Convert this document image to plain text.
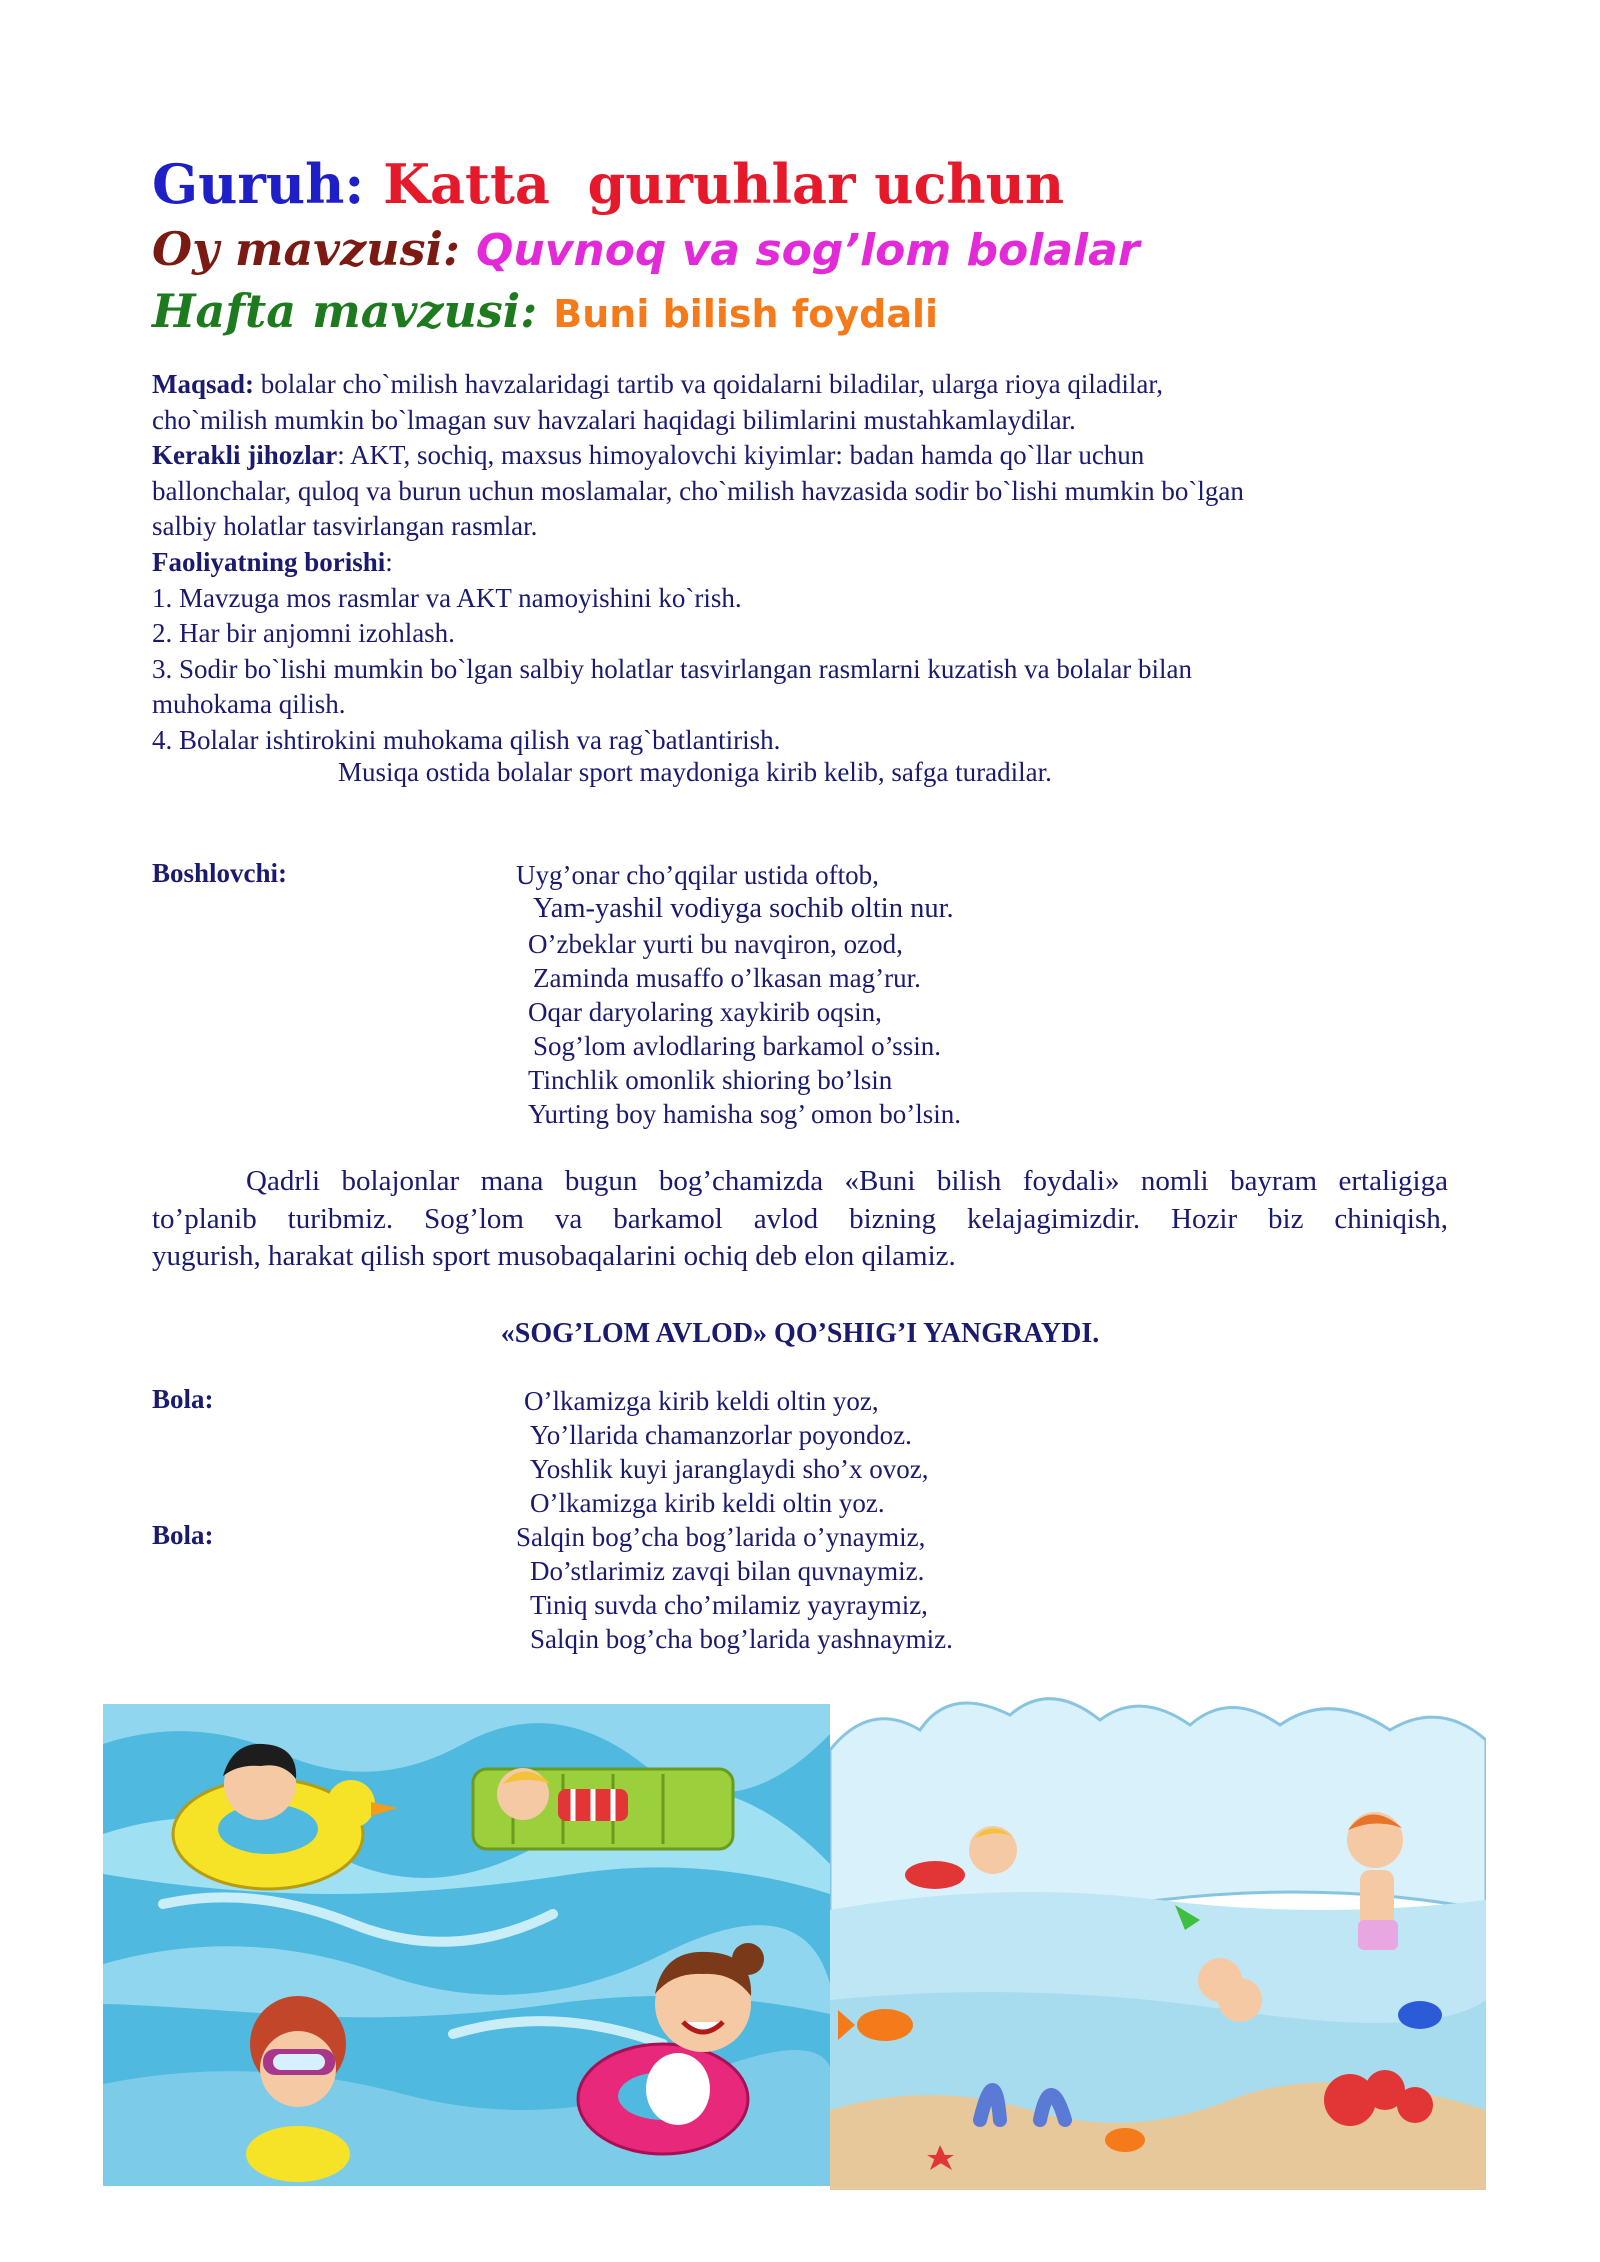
Guruh: Katta  guruhlar uchun
Oy mavzusi: Quvnoq va sog’lom bolalar
Hafta mavzusi: Buni bilish foydali
Maqsad: bolalar cho`milish havzalaridagi tartib va qoidalarni biladilar, ularga rioya qiladilar,
cho`milish mumkin bo`lmagan suv havzalari haqidagi bilimlarini mustahkamlaydilar.
Kerakli jihozlar: AKT, sochiq, maxsus himoyalovchi kiyimlar: badan hamda qo`llar uchun
ballonchalar, quloq va burun uchun moslamalar, cho`milish havzasida sodir bo`lishi mumkin bo`lgan
salbiy holatlar tasvirlangan rasmlar.
Faoliyatning borishi:
1. Mavzuga mos rasmlar va AKT namoyishini ko`rish.
2. Har bir anjomni izohlash.
3. Sodir bo`lishi mumkin bo`lgan salbiy holatlar tasvirlangan rasmlarni kuzatish va bolalar bilan
muhokama qilish.
4. Bolalar ishtirokini muhokama qilish va rag`batlantirish.
Musiqa ostida bolalar sport maydoniga kirib kelib, safga turadilar.
Boshlovchi:	Uyg’onar cho’qqilar ustida oftob,
Yam-yashil vodiyga sochib oltin nur.
O’zbeklar yurti bu navqiron, ozod,
Zaminda musaffo o’lkasan mag’rur.
Oqar daryolaring xaykirib oqsin,
Sog’lom avlodlaring barkamol o’ssin.
Tinchlik omonlik shioring bo’lsin
Yurting boy hamisha sog’ omon bo’lsin.
Qadrli bolajonlar mana bugun bog’chamizda «Buni bilish foydali» nomli bayram ertaligiga
to’planib turibmiz. Sog’lom va barkamol avlod bizning kelajagimizdir. Hozir biz chiniqish,
yugurish, harakat qilish sport musobaqalarini ochiq deb elon qilamiz.
«SOG’LOM AVLOD» QO’SHIG’I YANGRAYDI.
Bola:	O’lkamizga kirib keldi oltin yoz,
Yo’llarida chamanzorlar poyondoz.
Yoshlik kuyi jaranglaydi sho’x ovoz,
O’lkamizga kirib keldi oltin yoz.
Bola:	Salqin bog’cha bog’larida o’ynaymiz,
Do’stlarimiz zavqi bilan quvnaymiz.
Tiniq suvda cho’milamiz yayraymiz,
Salqin bog’cha bog’larida yashnaymiz.
